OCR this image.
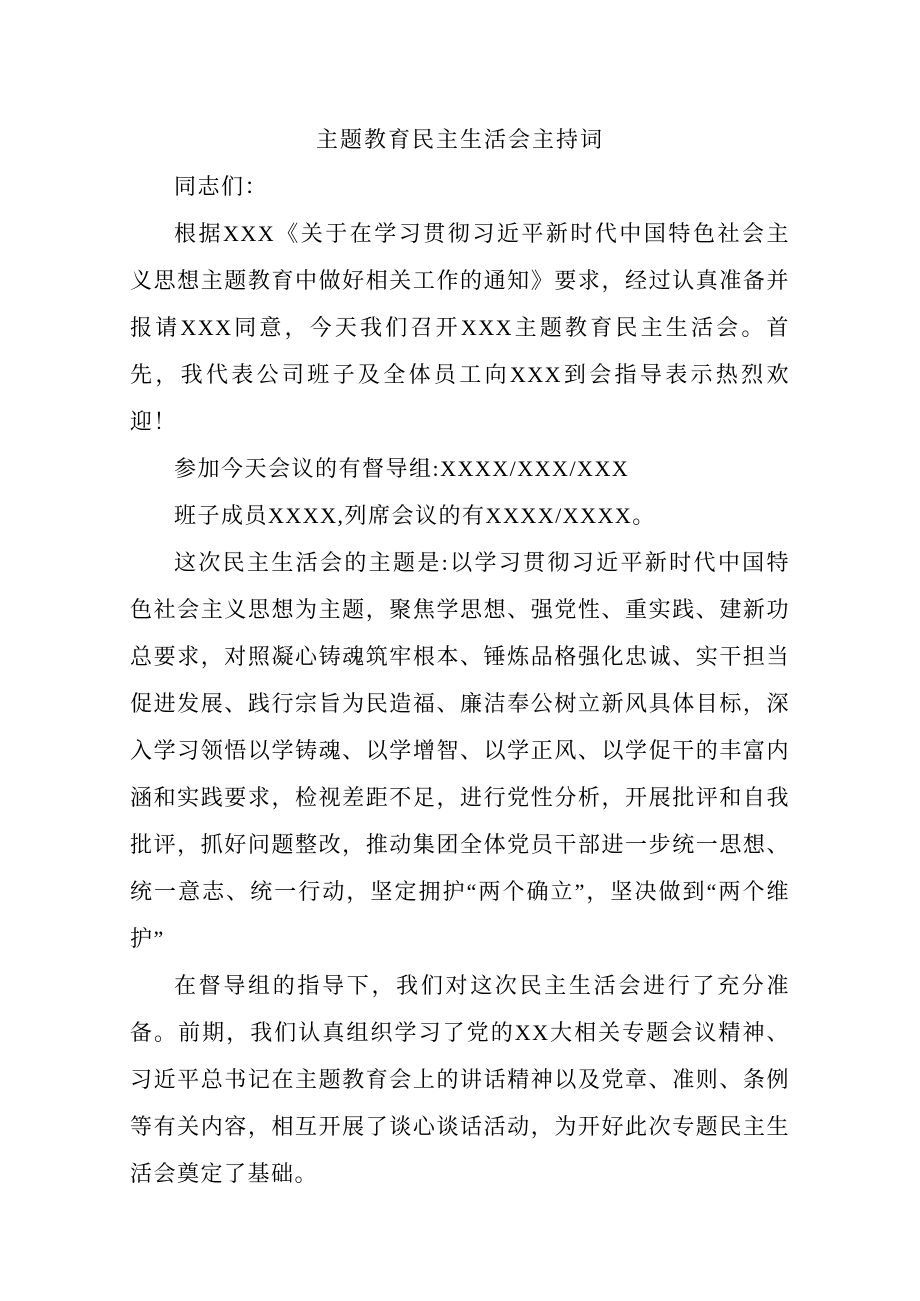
主题教育民主生活会主持词

同志们：

根据XXX《关于在学习贯彻习近平新时代中国特色社会主义思想主题教育中做好相关工作的通知》要求，经过认真准备并报请XXX同意，今天我们召开XXX主题教育民主生活会。首先，我代表公司班子及全体员工向XXX到会指导表示热烈欢迎！

参加今天会议的有督导组:XXXX/XXX/XXX

班子成员XXXX,列席会议的有XXXX/XXXX。

这次民主生活会的主题是:以学习贯彻习近平新时代中国特色社会主义思想为主题，聚焦学思想、强党性、重实践、建新功总要求，对照凝心铸魂筑牢根本、锤炼品格强化忠诚、实干担当促进发展、践行宗旨为民造福、廉洁奉公树立新风具体目标，深入学习领悟以学铸魂、以学增智、以学正风、以学促干的丰富内涵和实践要求，检视差距不足，进行党性分析，开展批评和自我批评，抓好问题整改，推动集团全体党员干部进一步统一思想、统一意志、统一行动，坚定拥护“两个确立”，坚决做到“两个维护”

在督导组的指导下，我们对这次民主生活会进行了充分准备。前期，我们认真组织学习了党的XX大相关专题会议精神、习近平总书记在主题教育会上的讲话精神以及党章、准则、条例等有关内容，相互开展了谈心谈话活动，为开好此次专题民主生活会奠定了基础。
